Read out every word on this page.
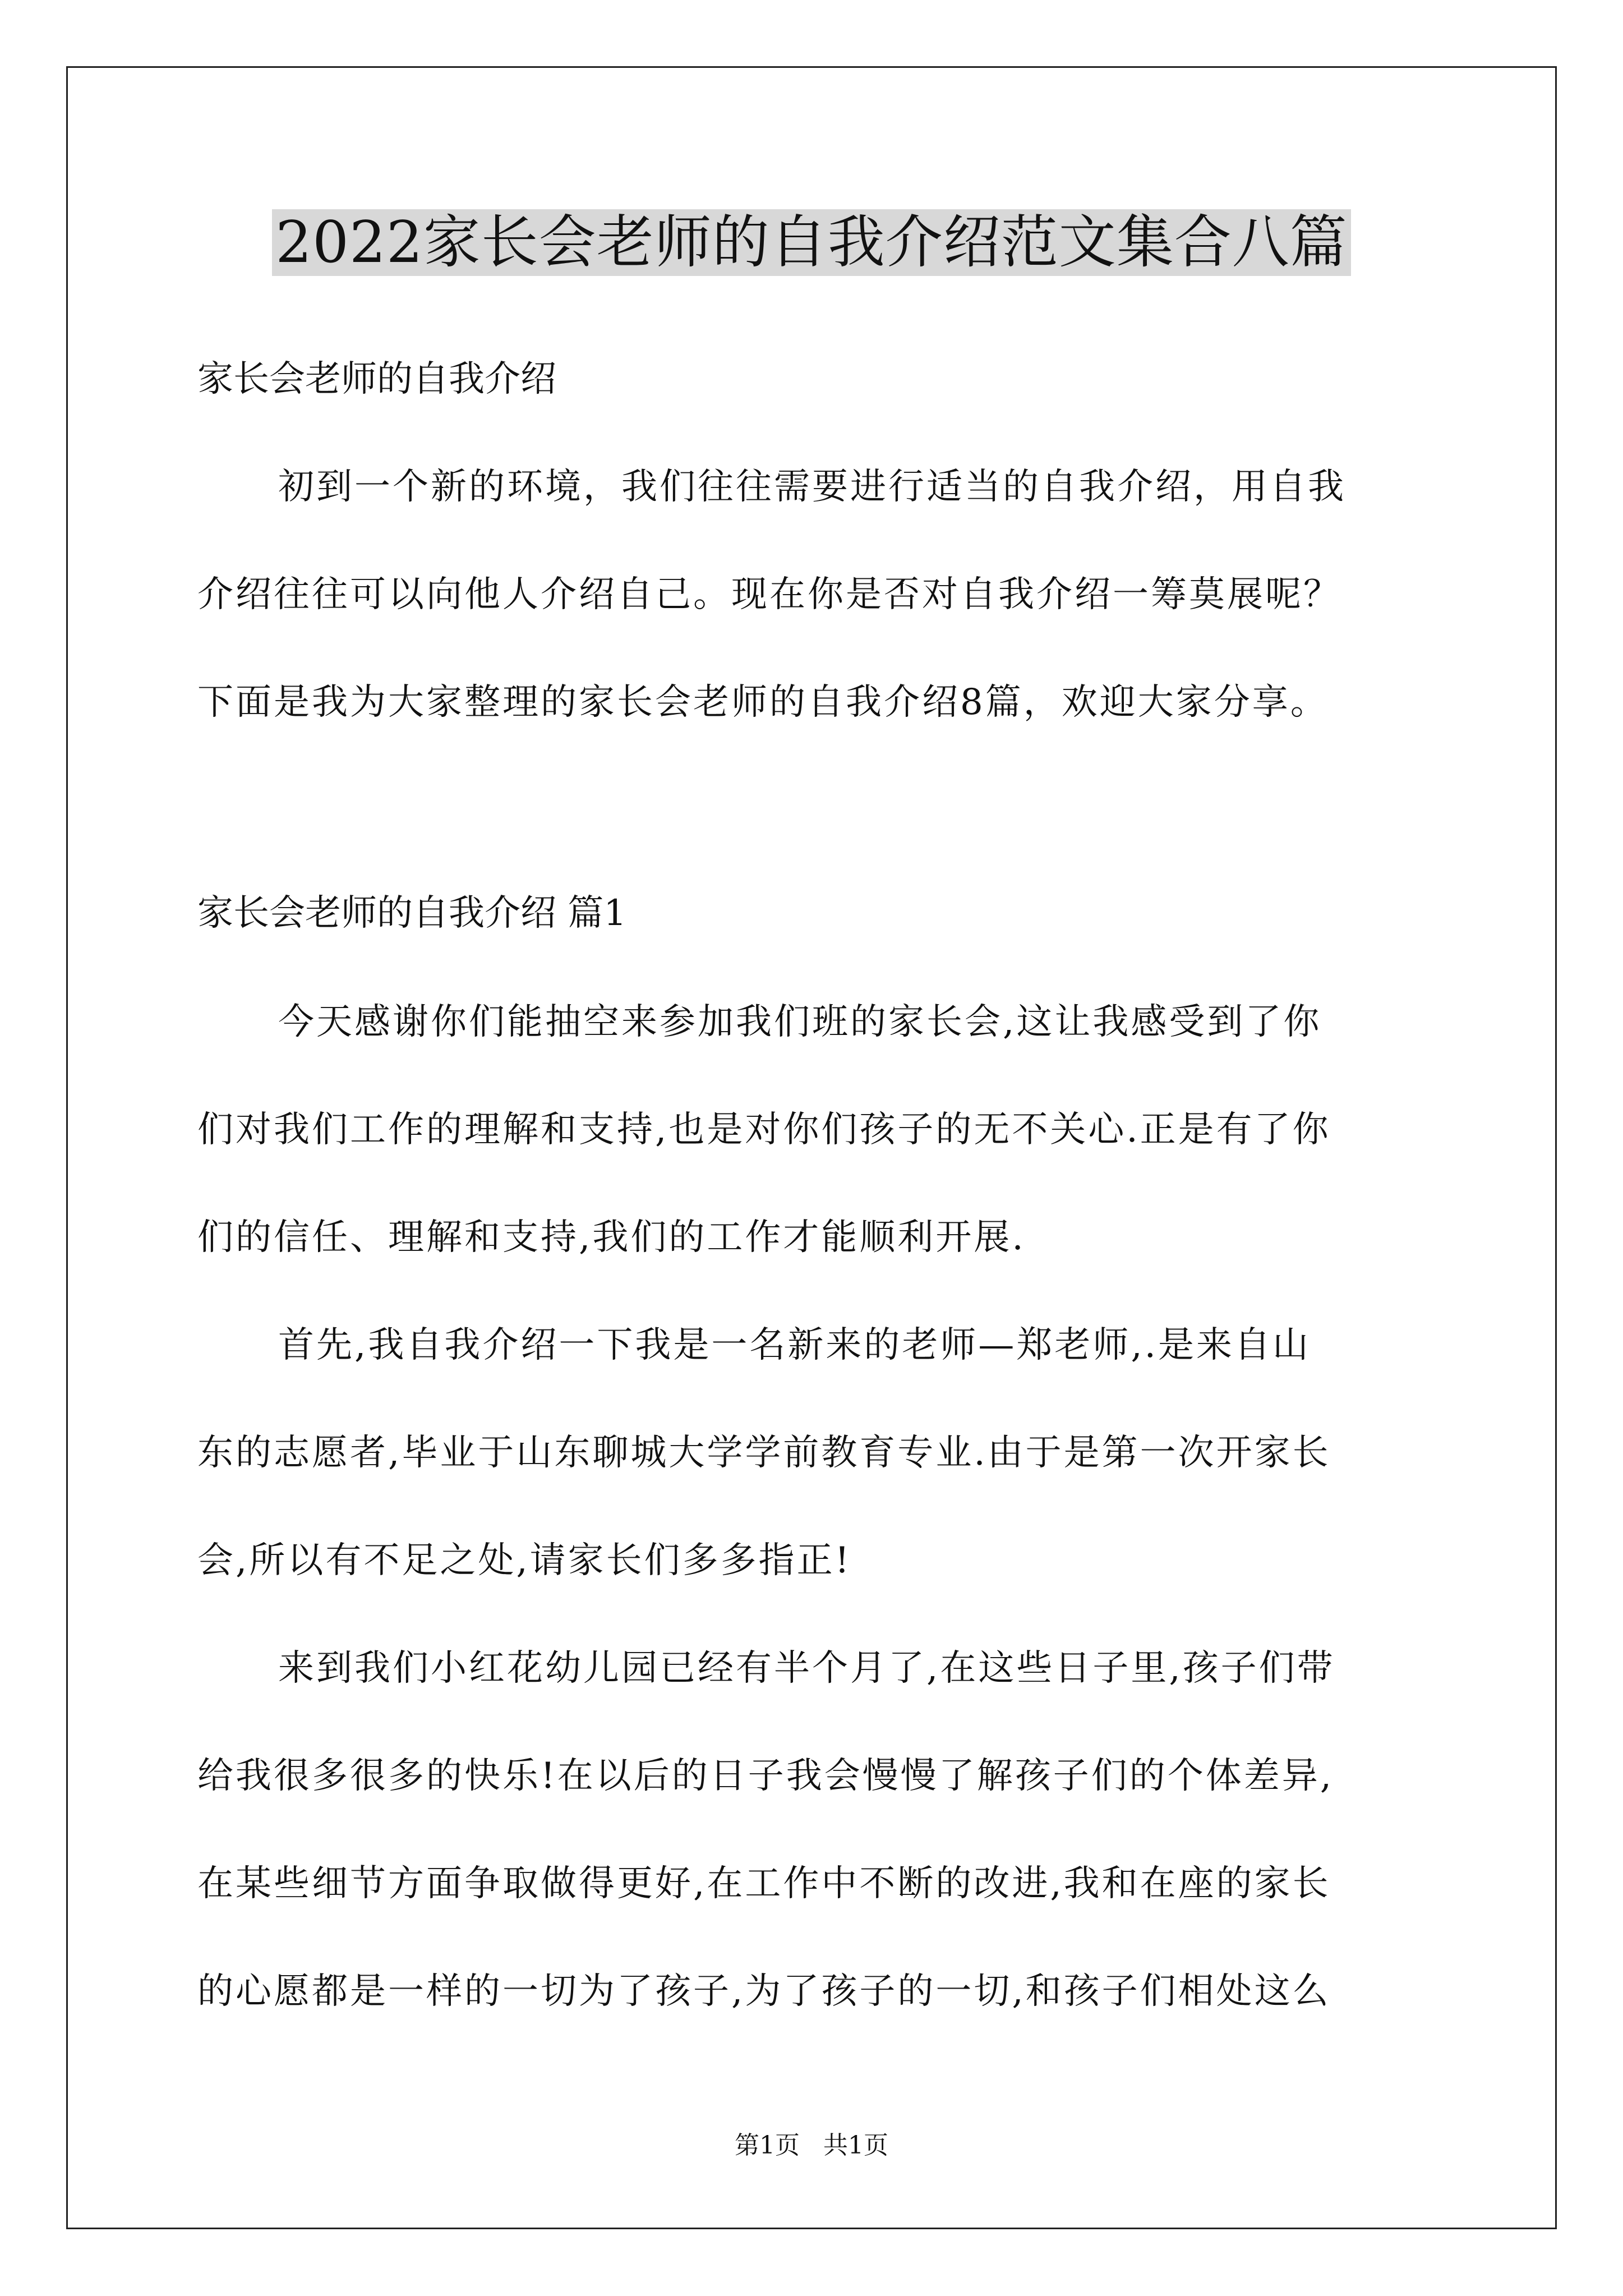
2022家长会老师的自我介绍范文集合八篇
家长会老师的自我介绍

初到一个新的环境，我们往往需要进行适当的自我介绍，用自我

介绍往往可以向他人介绍自己。现在你是否对自我介绍一筹莫展呢？

下面是我为大家整理的家长会老师的自我介绍8篇，欢迎大家分享。

家长会老师的自我介绍 篇1

今天感谢你们能抽空来参加我们班的家长会,这让我感受到了你

们对我们工作的理解和支持,也是对你们孩子的无不关心.正是有了你

们的信任、理解和支持,我们的工作才能顺利开展.

首先,我自我介绍一下我是一名新来的老师—郑老师,.是来自山

东的志愿者,毕业于山东聊城大学学前教育专业.由于是第一次开家长

会,所以有不足之处,请家长们多多指正!

来到我们小红花幼儿园已经有半个月了,在这些日子里,孩子们带

给我很多很多的快乐!在以后的日子我会慢慢了解孩子们的个体差异,

在某些细节方面争取做得更好,在工作中不断的改进,我和在座的家长

的心愿都是一样的一切为了孩子,为了孩子的一切,和孩子们相处这么

第1页   共1页
